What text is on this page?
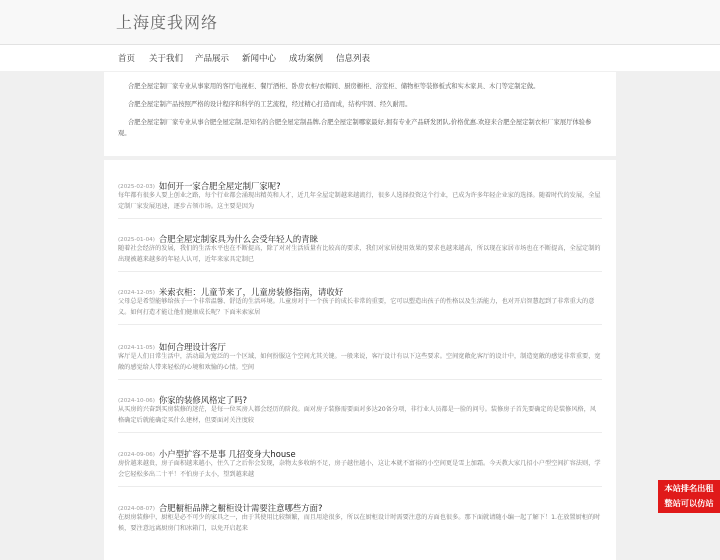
上海度我网络
首页 关于我们 产品展示 新闻中心 成功案例 信息列表

合肥全屋定制厂家专业从事家用的客厅电视柜、餐厅酒柜、卧房衣柜/衣帽间、厨房橱柜、浴室柜、储物柜等装修板式和实木家具、木门等定制定做。

合肥全屋定制产品按照严格的设计程序和科学的工艺流程，经过精心打造而成，结构牢固、经久耐用。

合肥全屋定制厂家专业从事合肥全屋定制,是知名的合肥全屋定制品牌,合肥全屋定制哪家最好,拥有专业产品研发团队,价格优惠.欢迎来合肥全屋定制衣柜厂家展厅体验参观。

(2025-02-03) 如何开一家合肥全屋定制厂家呢?

每年都有很多人要上创业之路，每个行业都会涌现出精英和人才，近几年全屋定制越来越流行，很多人选择投资这个行业，已成为许多年轻企业家的选择。随着时代的发展，全屋定制厂家发展迅速，逐步占领市场。这主要是因为

(2025-01-04) 合肥全屋定制家具为什么会受年轻人的青睐

随着社会经济的发展，我们的生活水平也在不断提高，除了对对生活质量有比较高的要求，我们对家居使用效果的要求也越来越高，所以现在家居市场也在不断提高，全屋定制的出现被越来越多的年轻人认可，近年来家具定制已

(2024-12-05) 米索衣柜：儿童节来了，儿童房装修指南，请收好

父母总是希望能够给孩子一个非常温馨、舒适的生活环境。儿童房对于一个孩子的成长非常的重要，它可以塑造出孩子的性格以及生活能力，也对开启智慧起到了非常重大的意义。如何打造才能让他们健康成长呢？下面米索家居

(2024-11-05) 如何合理设计客厅

客厅是人们日常生活中，活动最为宽泛的一个区域，如何扮服这个空间尤其关键。一般来说，客厅设计有以下这些要求。空间宽敞化客厅的设计中，制造宽敞的感觉非常重要，宽敞的感觉给人带来轻松的心境和欢愉的心情。空间

(2024-10-06) 你家的装修风格定了吗?

从买房的兴奋到买房装修的迷茫，是每一位买房人都会经历的阶段。面对房子装修需要面对多达20备分项，非行业人员都是一脸的问号。装修房子首先要确定的是装修风格，风格确定后就能确定买什么建材，但要面对关注度较

(2024-09-06) 小户型扩容不是事 几招变身大house

房价越来越贵，房子面积越来越小，住久了之后你会发现，杂物太多收纳不足，房子越住越小，这让本就不富裕的小空间更是雪上加霜。今天教大家几招小户型空间扩容法则，学会它轻松多出二十平！不怕房子太小，望到越来越

(2024-08-07) 合肥橱柜品牌之橱柜设计需要注意哪些方面?

在厨房装修中，厨柜是必不可少的家具之一，由于其使用比较频繁，而且用途很多，所以在厨柜设计时需要注意的方面也很多。那下面就请随小编一起了解下！1.在放置厨柜的时候，要注意远离厨房门和冰箱门，以免开启起来

本站排名出租
整站可以仿站
